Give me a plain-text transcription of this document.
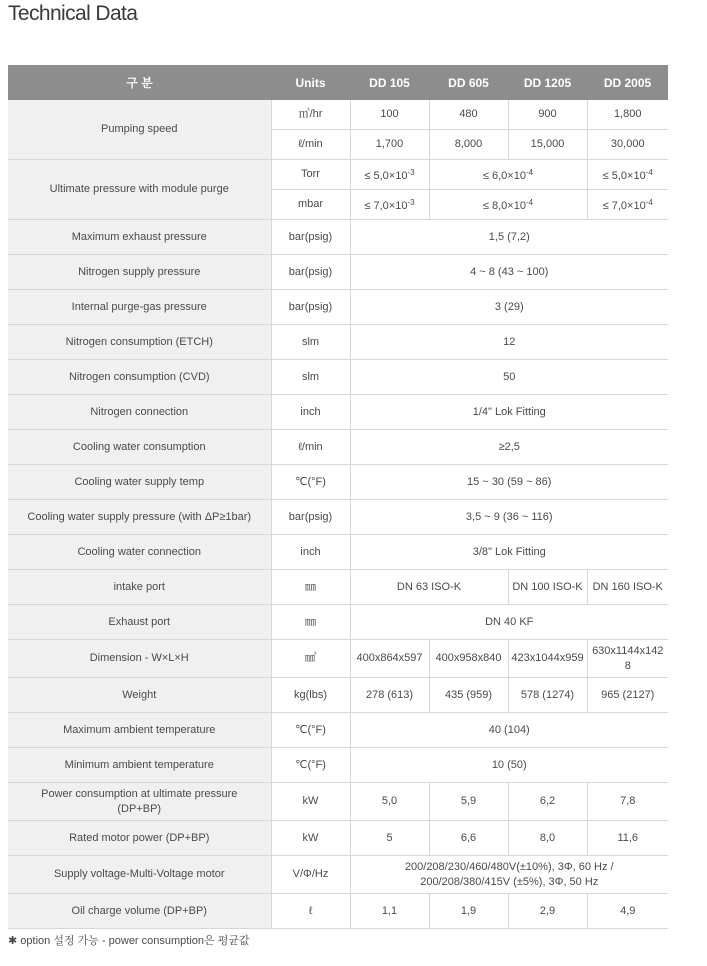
Technical Data
구 분	Units	DD 105	DD 605	DD 1205	DD 2005
Pumping speed	㎥/hr	100	480	900	1,800
	ℓ/min	1,700	8,000	15,000	30,000
Ultimate pressure with module purge	Torr	≤ $5,0\times 10^{-3}$	≤ $6,0\times 10^{-4}$		≤ $5,0\times 10^{-4}$
	mbar	≤ $7,0\times 10^{-3}$	≤ $8,0\times 10^{-4}$		≤ $7,0\times 10^{-4}$
Maximum exhaust pressure	bar(psig)	1,5 (7,2)			
Nitrogen supply pressure	bar(psig)	4 ~ 8 (43 ~ 100)			
Internal purge-gas pressure	bar(psig)	3 (29)			
Nitrogen consumption (ETCH)	slm	12			
Nitrogen consumption (CVD)	slm	50			
Nitrogen connection	inch	1/4" Lok Fitting			
Cooling water consumption	ℓ/min	≥2,5			
Cooling water supply temp	℃(°F)	15 ~ 30 (59 ~ 86)			
Cooling water supply pressure (with ΔP≥1bar)	bar(psig)	3,5 ~ 9 (36 ~ 116)			
Cooling water connection	inch	3/8" Lok Fitting			
intake port	㎜	DN 63 ISO-K		DN 100 ISO-K	DN 160 ISO-K
Exhaust port	㎜	DN 40 KF			
Dimension - W×L×H	㎣	400x864x597	400x958x840	423x1044x959	630x1144x1428
Weight	kg(lbs)	278 (613)	435 (959)	578 (1274)	965 (2127)
Maximum ambient temperature	℃(°F)	40 (104)			
Minimum ambient temperature	℃(°F)	10 (50)			
Power consumption at ultimate pressure (DP+BP)	kW	5,0	5,9	6,2	7,8
Rated motor power (DP+BP)	kW	5	6,6	8,0	11,6
Supply voltage-Multi-Voltage motor	V/Φ/Hz	200/208/230/460/480V(±10%), 3Φ, 60 Hz /
200/208/380/415V (±5%), 3Φ, 50 Hz			

Oil charge volume (DP+BP)	ℓ	1,1	1,9	2,9	4,9
✱ option 설정 가능 - power consumption은 평균값
